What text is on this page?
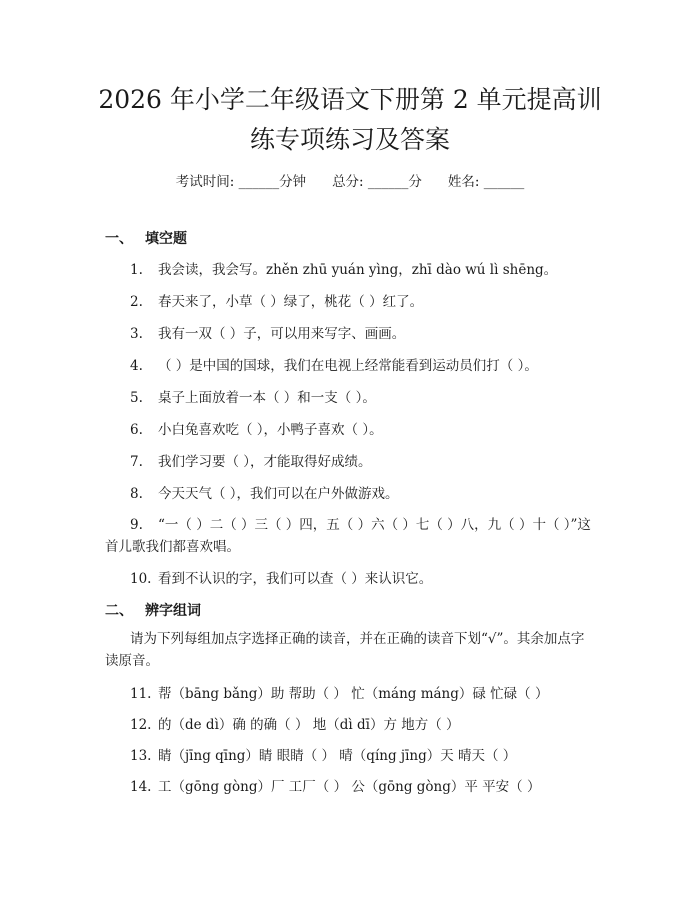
2026 年小学二年级语文下册第 2 单元提高训
练专项练习及答案
考试时间: ______分钟 总分: ______分 姓名: ______
一、 填空题
1. 我会读，我会写。zhěn zhū yuán yìng，zhī dào wú lì shēng。
2. 春天来了，小草（ ）绿了，桃花（ ）红了。
3. 我有一双（ ）子，可以用来写字、画画。
4. （ ）是中国的国球，我们在电视上经常能看到运动员们打（ ）。
5. 桌子上面放着一本（ ）和一支（ ）。
6. 小白兔喜欢吃（ ），小鸭子喜欢（ ）。
7. 我们学习要（ ），才能取得好成绩。
8. 今天天气（ ），我们可以在户外做游戏。
9. “一（ ）二（ ）三（ ）四，五（ ）六（ ）七（ ）八，九（ ）十（ ）”这首儿歌我们都喜欢唱。
10. 看到不认识的字，我们可以查（ ）来认识它。
二、 辨字组词

请为下列每组加点字选择正确的读音，并在正确的读音下划“√”。其余加点字读原音。

11. 帮（bāng bǎng）助 帮助（ ） 忙（máng máng）碌 忙碌（ ）
12. 的（de dì）确 的确（ ） 地（dì dī）方 地方（ ）
13. 睛（jīng qīng）睛 眼睛（ ） 晴（qíng jīng）天 晴天（ ）
14. 工（gōng gòng）厂 工厂（ ） 公（gōng gòng）平 平安（ ）
